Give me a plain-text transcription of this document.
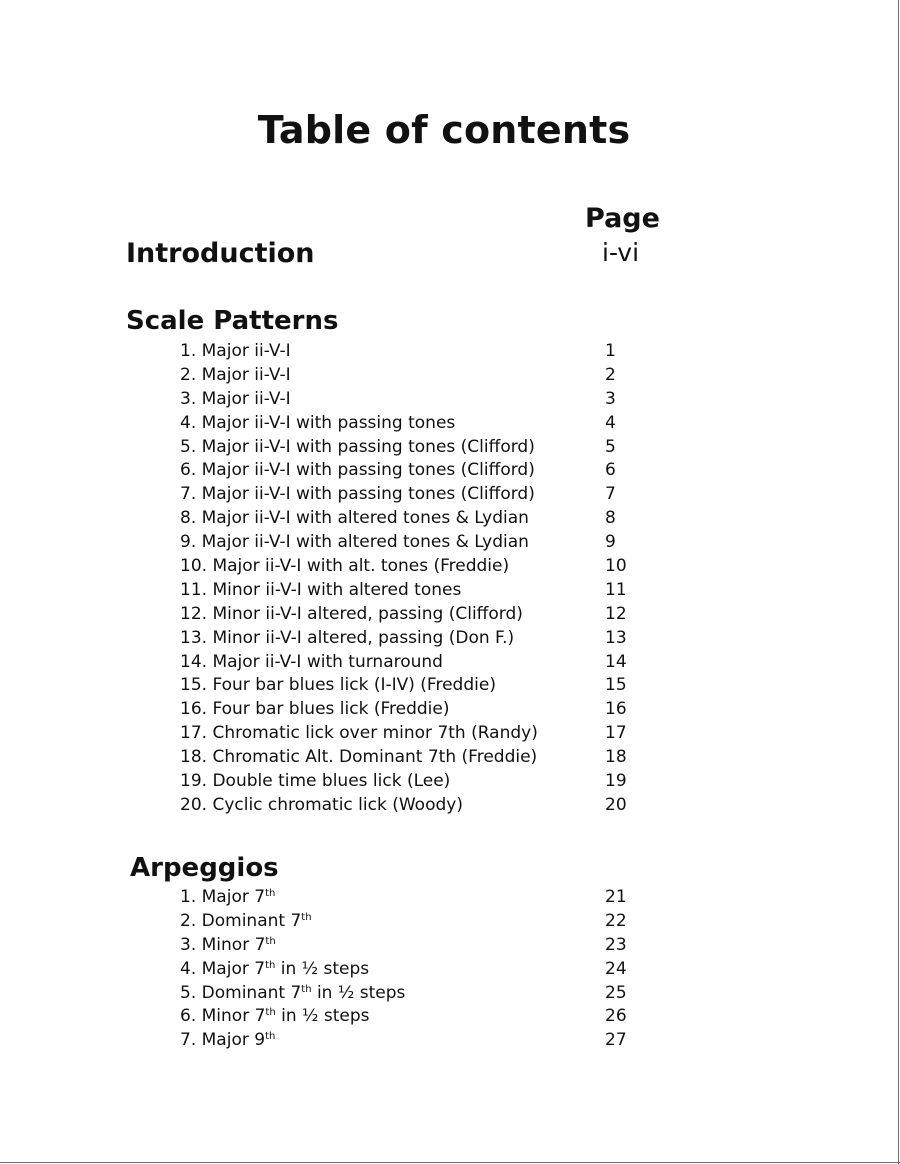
Table of contents
Page
Introduction	i-vi
Scale Patterns
1. Major ii-V-I	1
2. Major ii-V-I	2
3. Major ii-V-I	3
4. Major ii-V-I with passing tones	4
5. Major ii-V-I with passing tones (Clifford)	5
6. Major ii-V-I with passing tones (Clifford)	6
7. Major ii-V-I with passing tones (Clifford)	7
8. Major ii-V-I with altered tones & Lydian	8
9. Major ii-V-I with altered tones & Lydian	9
10. Major ii-V-I with alt. tones (Freddie)	10
11. Minor ii-V-I with altered tones	11
12. Minor ii-V-I altered, passing (Clifford)	12
13. Minor ii-V-I altered, passing (Don F.)	13
14. Major ii-V-I with turnaround	14
15. Four bar blues lick (I-IV) (Freddie)	15
16. Four bar blues lick (Freddie)	16
17. Chromatic lick over minor 7th (Randy)	17
18. Chromatic Alt. Dominant 7th (Freddie)	18
19. Double time blues lick (Lee)	19
20. Cyclic chromatic lick (Woody)	20
Arpeggios
1. Major 7th	21
2. Dominant 7th	22
3. Minor 7th	23
4. Major 7th in ½ steps	24
5. Dominant 7th in ½ steps	25
6. Minor 7th in ½ steps	26
7. Major 9th	27
